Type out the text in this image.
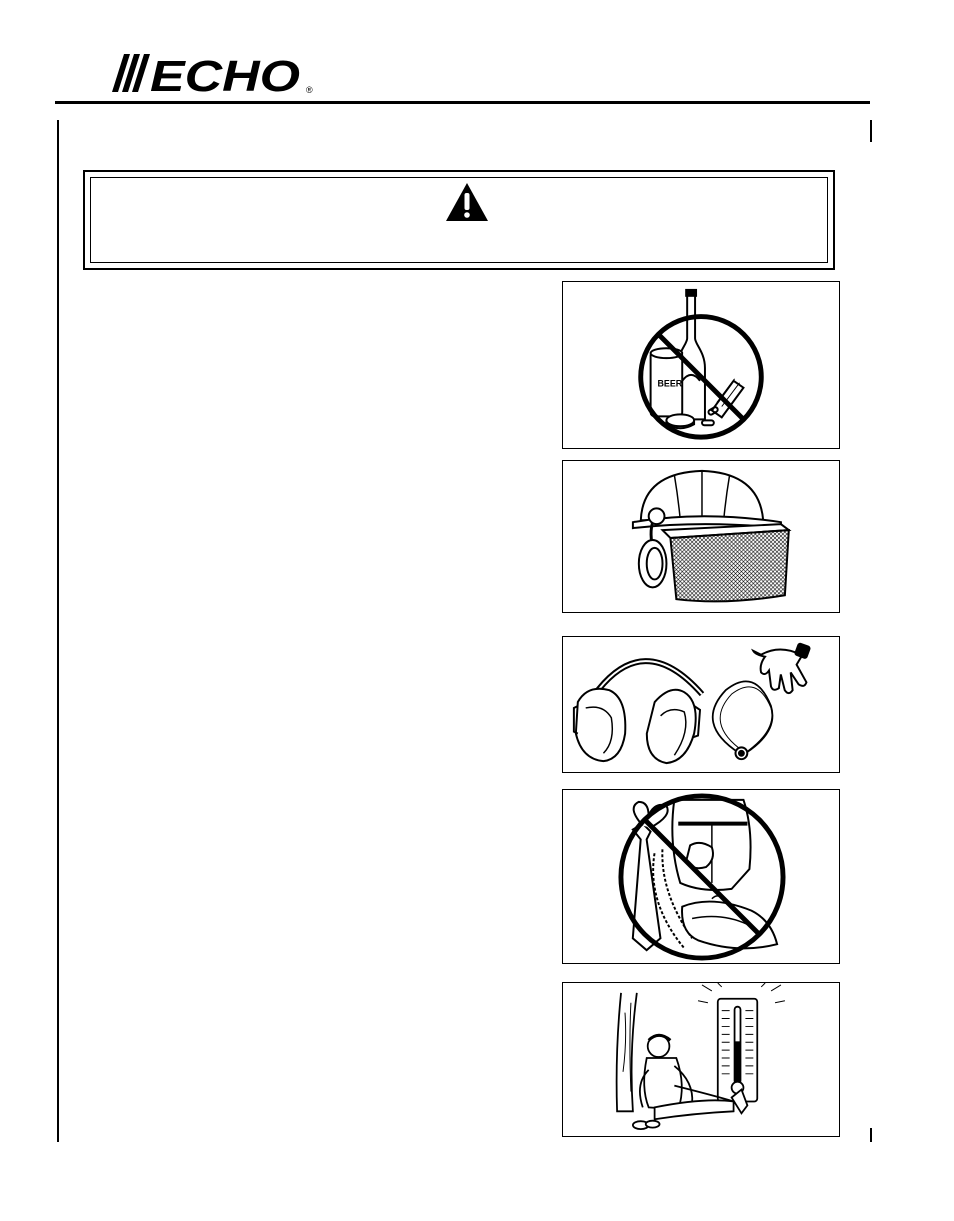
ECHO ®
BEER
